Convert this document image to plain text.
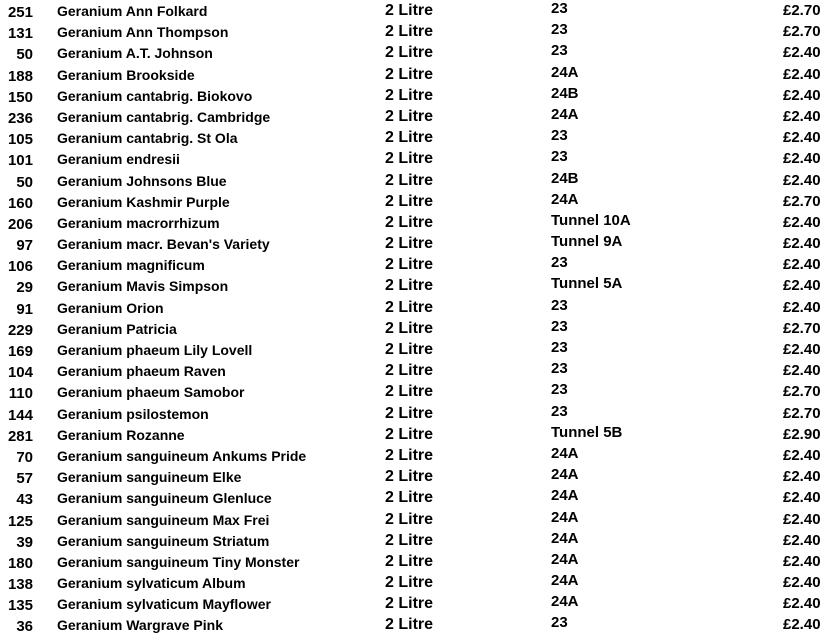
251 Geranium Ann Folkard	2 Litre	23	£2.70
131 Geranium Ann Thompson	2 Litre	23	£2.70
50 Geranium A.T. Johnson	2 Litre	23	£2.40
188 Geranium Brookside	2 Litre	24A	£2.40
150 Geranium cantabrig. Biokovo	2 Litre	24B	£2.40
236 Geranium cantabrig. Cambridge	2 Litre	24A	£2.40
105 Geranium cantabrig. St Ola	2 Litre	23	£2.40
101 Geranium endresii	2 Litre	23	£2.40
50 Geranium Johnsons Blue	2 Litre	24B	£2.40
160 Geranium Kashmir Purple	2 Litre	24A	£2.70
206 Geranium macrorrhizum	2 Litre	Tunnel 10A	£2.40
97 Geranium macr. Bevan's Variety	2 Litre	Tunnel 9A	£2.40
106 Geranium magnificum	2 Litre	23	£2.40
29 Geranium Mavis Simpson	2 Litre	Tunnel 5A	£2.40
91 Geranium Orion	2 Litre	23	£2.40
229 Geranium Patricia	2 Litre	23	£2.70
169 Geranium phaeum Lily Lovell	2 Litre	23	£2.40
104 Geranium phaeum Raven	2 Litre	23	£2.40
110 Geranium phaeum Samobor	2 Litre	23	£2.70
144 Geranium psilostemon	2 Litre	23	£2.70
281 Geranium Rozanne	2 Litre	Tunnel 5B	£2.90
70 Geranium sanguineum Ankums Pride	2 Litre	24A	£2.40
57 Geranium sanguineum Elke	2 Litre	24A	£2.40
43 Geranium sanguineum Glenluce	2 Litre	24A	£2.40
125 Geranium sanguineum Max Frei	2 Litre	24A	£2.40
39 Geranium sanguineum Striatum	2 Litre	24A	£2.40
180 Geranium sanguineum Tiny Monster	2 Litre	24A	£2.40
138 Geranium sylvaticum Album	2 Litre	24A	£2.40
135 Geranium sylvaticum Mayflower	2 Litre	24A	£2.40
36 Geranium Wargrave Pink	2 Litre	23	£2.40
